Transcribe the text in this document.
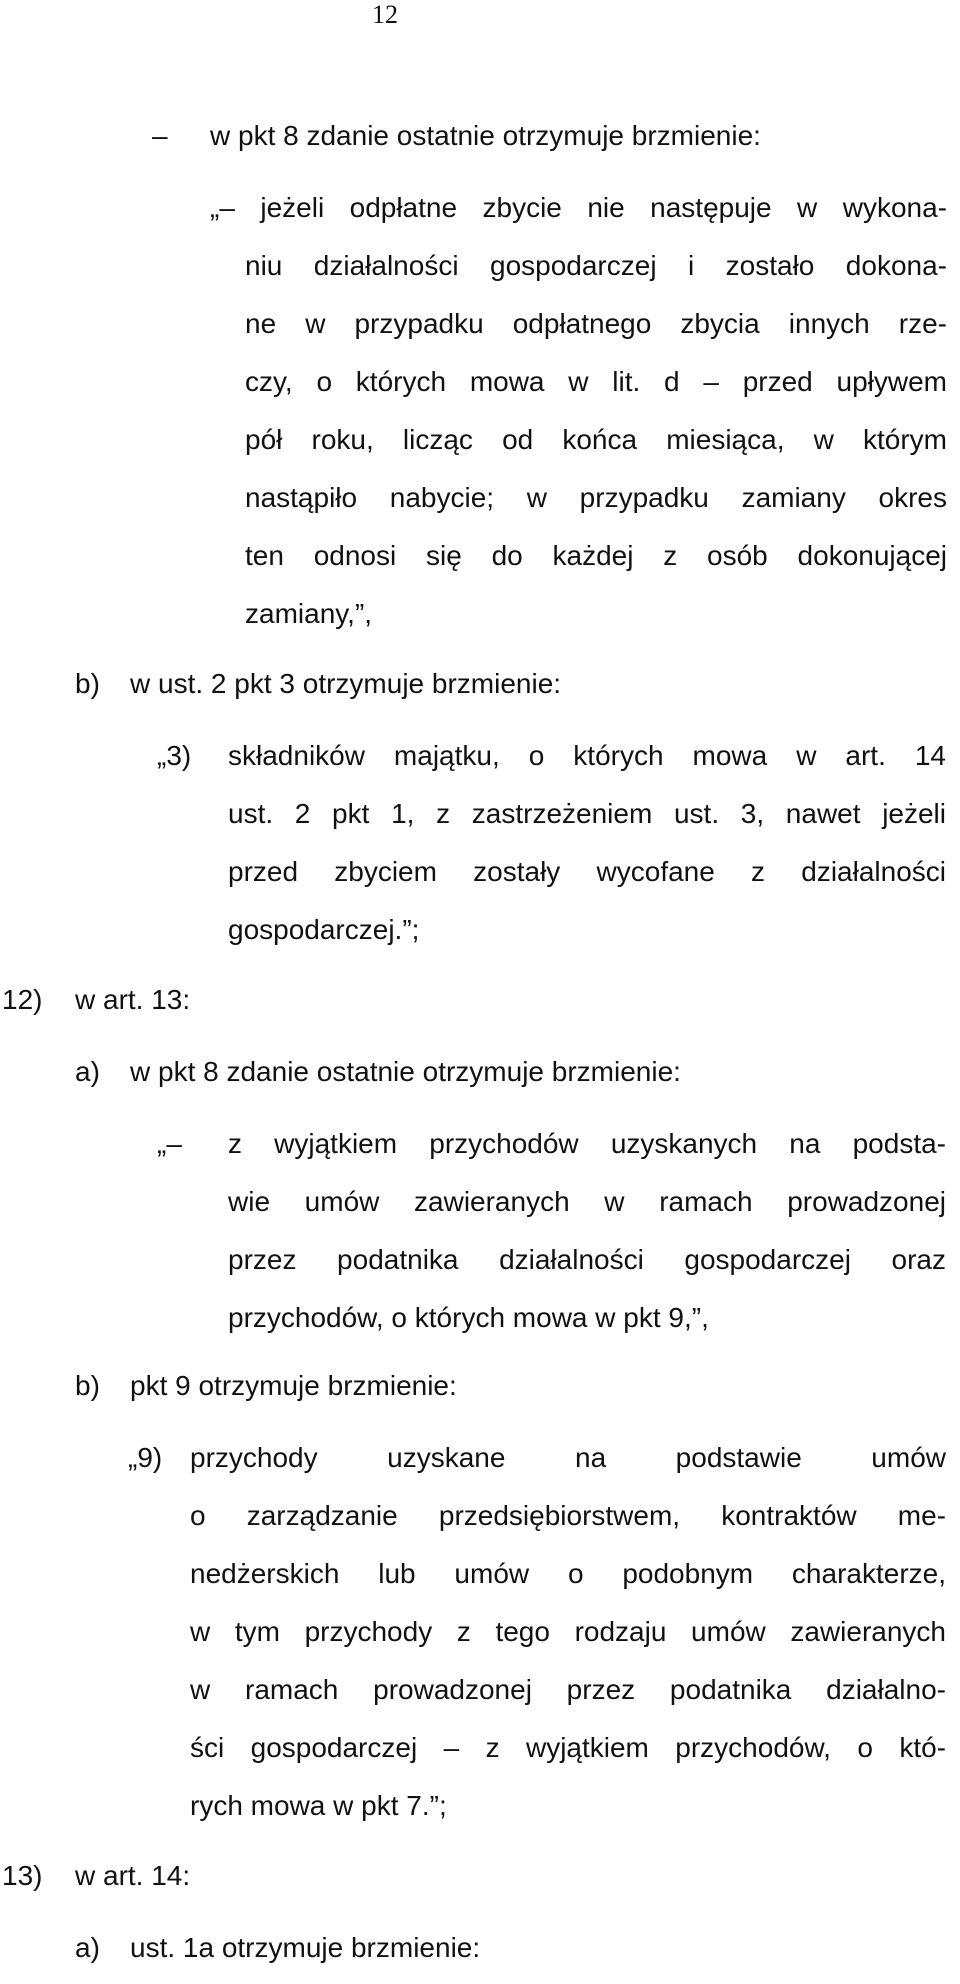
12
– w pkt 8 zdanie ostatnie otrzymuje brzmienie:
„– jeżeli odpłatne zbycie nie następuje w wykona-
niu działalności gospodarczej i zostało dokona-
ne w przypadku odpłatnego zbycia innych rze-
czy, o których mowa w lit. d – przed upływem
pół roku, licząc od końca miesiąca, w którym
nastąpiło nabycie; w przypadku zamiany okres
ten odnosi się do każdej z osób dokonującej
zamiany,”,
b) w ust. 2 pkt 3 otrzymuje brzmienie:
„3) składników majątku, o których mowa w art. 14
ust. 2 pkt 1, z zastrzeżeniem ust. 3, nawet jeżeli
przed zbyciem zostały wycofane z działalności
gospodarczej.”;
12) w art. 13:
a) w pkt 8 zdanie ostatnie otrzymuje brzmienie:
„– z wyjątkiem przychodów uzyskanych na podsta-
wie umów zawieranych w ramach prowadzonej
przez podatnika działalności gospodarczej oraz
przychodów, o których mowa w pkt 9,”,
b) pkt 9 otrzymuje brzmienie:
„9) przychody uzyskane na podstawie umów
o zarządzanie przedsiębiorstwem, kontraktów me-
nedżerskich lub umów o podobnym charakterze,
w tym przychody z tego rodzaju umów zawieranych
w ramach prowadzonej przez podatnika działalno-
ści gospodarczej – z wyjątkiem przychodów, o któ-
rych mowa w pkt 7.”;
13) w art. 14:
a) ust. 1a otrzymuje brzmienie:
